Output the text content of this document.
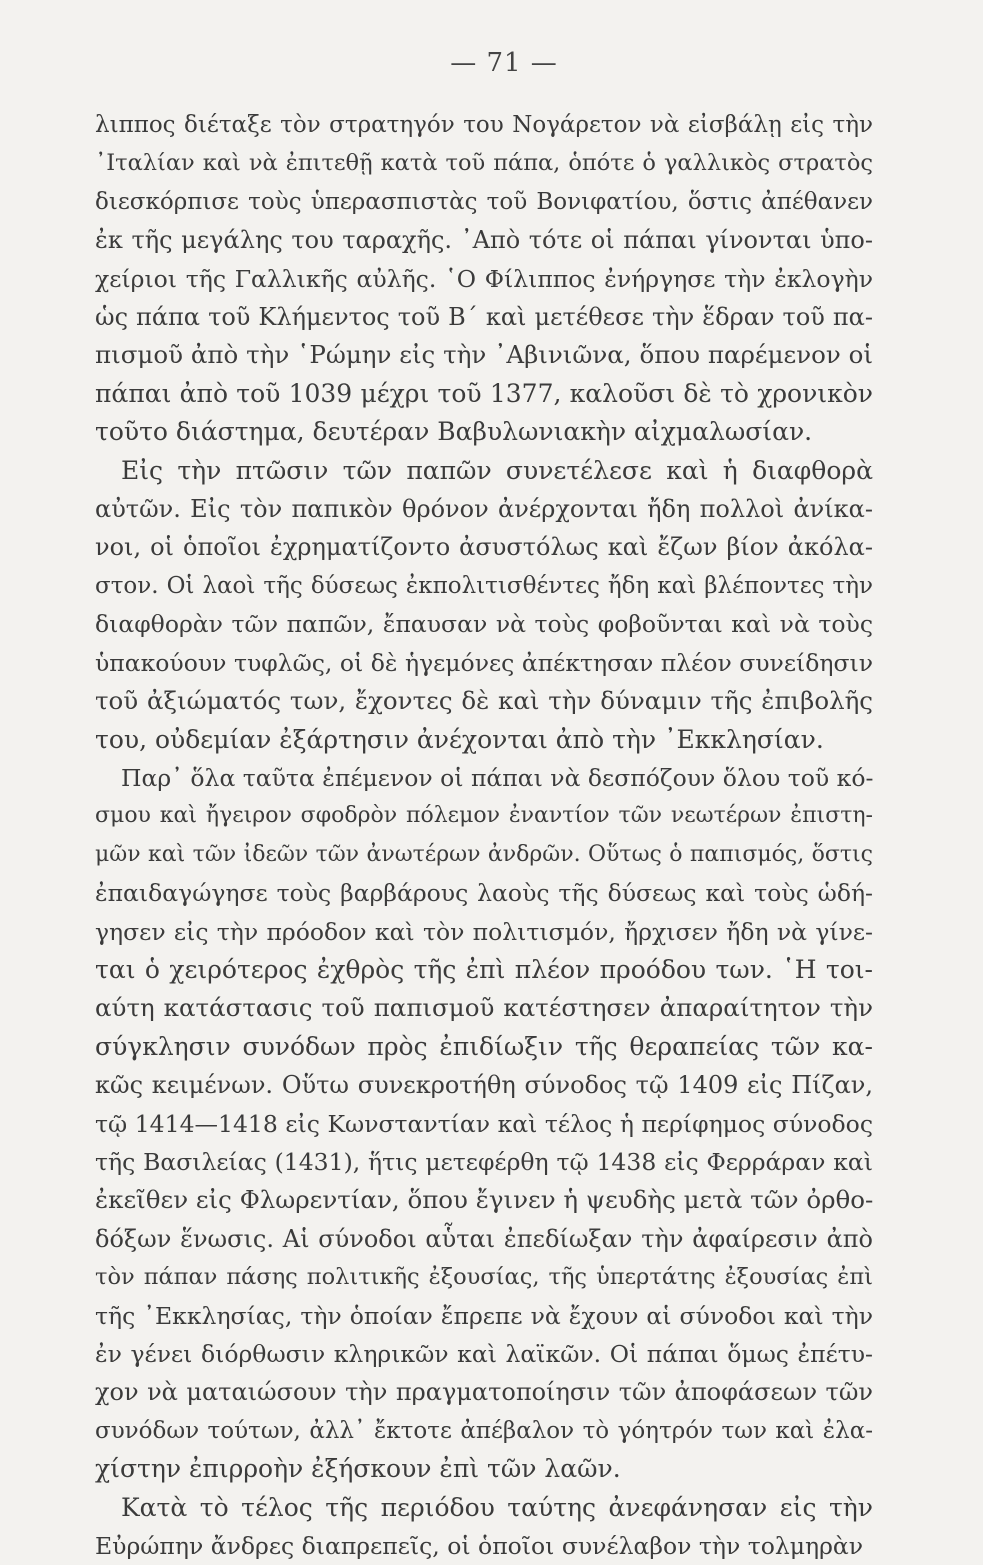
— 71 —

λιππος διέταξε τὸν στρατηγόν του Νογάρετον νὰ εἰσβάλῃ εἰς τὴν
᾽Ιταλίαν καὶ νὰ ἐπιτεθῇ κατὰ τοῦ πάπα, ὁπότε ὁ γαλλικὸς στρατὸς
διεσκόρπισε τοὺς ὑπερασπιστὰς τοῦ Βονιφατίου, ὅστις ἀπέθανεν
ἐκ τῆς μεγάλης του ταραχῆς. ᾽Απὸ τότε οἱ πάπαι γίνονται ὑπο-
χείριοι τῆς Γαλλικῆς αὐλῆς. ῾Ο Φίλιππος ἐνήργησε τὴν ἐκλογὴν
ὡς πάπα τοῦ Κλήμεντος τοῦ Β΄ καὶ μετέθεσε τὴν ἕδραν τοῦ πα-
πισμοῦ ἀπὸ τὴν ῾Ρώμην εἰς τὴν ᾽Αβινιῶνα, ὅπου παρέμενον οἱ
πάπαι ἀπὸ τοῦ 1039 μέχρι τοῦ 1377, καλοῦσι δὲ τὸ χρονικὸν
τοῦτο διάστημα, δευτέραν Βαβυλωνιακὴν αἰχμαλωσίαν.

Εἰς τὴν πτῶσιν τῶν παπῶν συνετέλεσε καὶ ἡ διαφθορὰ
αὐτῶν. Εἰς τὸν παπικὸν θρόνον ἀνέρχονται ἤδη πολλοὶ ἀνίκα-
νοι, οἱ ὁποῖοι ἐχρηματίζοντο ἀσυστόλως καὶ ἔζων βίον ἀκόλα-
στον. Οἱ λαοὶ τῆς δύσεως ἐκπολιτισθέντες ἤδη καὶ βλέποντες τὴν
διαφθορὰν τῶν παπῶν, ἔπαυσαν νὰ τοὺς φοβοῦνται καὶ νὰ τοὺς
ὑπακούουν τυφλῶς, οἱ δὲ ἡγεμόνες ἀπέκτησαν πλέον συνείδησιν
τοῦ ἀξιώματός των, ἔχοντες δὲ καὶ τὴν δύναμιν τῆς ἐπιβολῆς
του, οὐδεμίαν ἐξάρτησιν ἀνέχονται ἀπὸ τὴν ᾽Εκκλησίαν.

Παρ᾽ ὅλα ταῦτα ἐπέμενον οἱ πάπαι νὰ δεσπόζουν ὅλου τοῦ κό-
σμου καὶ ἤγειρον σφοδρὸν πόλεμον ἐναντίον τῶν νεωτέρων ἐπιστη-
μῶν καὶ τῶν ἰδεῶν τῶν ἀνωτέρων ἀνδρῶν. Οὕτως ὁ παπισμός, ὅστις
ἐπαιδαγώγησε τοὺς βαρβάρους λαοὺς τῆς δύσεως καὶ τοὺς ὡδή-
γησεν εἰς τὴν πρόοδον καὶ τὸν πολιτισμόν, ἤρχισεν ἤδη νὰ γίνε-
ται ὁ χειρότερος ἐχθρὸς τῆς ἐπὶ πλέον προόδου των. ῾Η τοι-
αύτη κατάστασις τοῦ παπισμοῦ κατέστησεν ἀπαραίτητον τὴν
σύγκλησιν συνόδων πρὸς ἐπιδίωξιν τῆς θεραπείας τῶν κα-
κῶς κειμένων. Οὕτω συνεκροτήθη σύνοδος τῷ 1409 εἰς Πίζαν,
τῷ 1414—1418 εἰς Κωνσταντίαν καὶ τέλος ἡ περίφημος σύνοδος
τῆς Βασιλείας (1431), ἥτις μετεφέρθη τῷ 1438 εἰς Φερράραν καὶ
ἐκεῖθεν εἰς Φλωρεντίαν, ὅπου ἔγινεν ἡ ψευδὴς μετὰ τῶν ὀρθο-
δόξων ἕνωσις. Αἱ σύνοδοι αὗται ἐπεδίωξαν τὴν ἀφαίρεσιν ἀπὸ
τὸν πάπαν πάσης πολιτικῆς ἐξουσίας, τῆς ὑπερτάτης ἐξουσίας ἐπὶ
τῆς ᾽Εκκλησίας, τὴν ὁποίαν ἔπρεπε νὰ ἔχουν αἱ σύνοδοι καὶ τὴν
ἐν γένει διόρθωσιν κληρικῶν καὶ λαϊκῶν. Οἱ πάπαι ὅμως ἐπέτυ-
χον νὰ ματαιώσουν τὴν πραγματοποίησιν τῶν ἀποφάσεων τῶν
συνόδων τούτων, ἀλλ᾽ ἔκτοτε ἀπέβαλον τὸ γόητρόν των καὶ ἐλα-
χίστην ἐπιρροὴν ἐξήσκουν ἐπὶ τῶν λαῶν.

Κατὰ τὸ τέλος τῆς περιόδου ταύτης ἀνεφάνησαν εἰς τὴν
Εὐρώπην ἄνδρες διαπρεπεῖς, οἱ ὁποῖοι συνέλαβον τὴν τολμηρὰν
